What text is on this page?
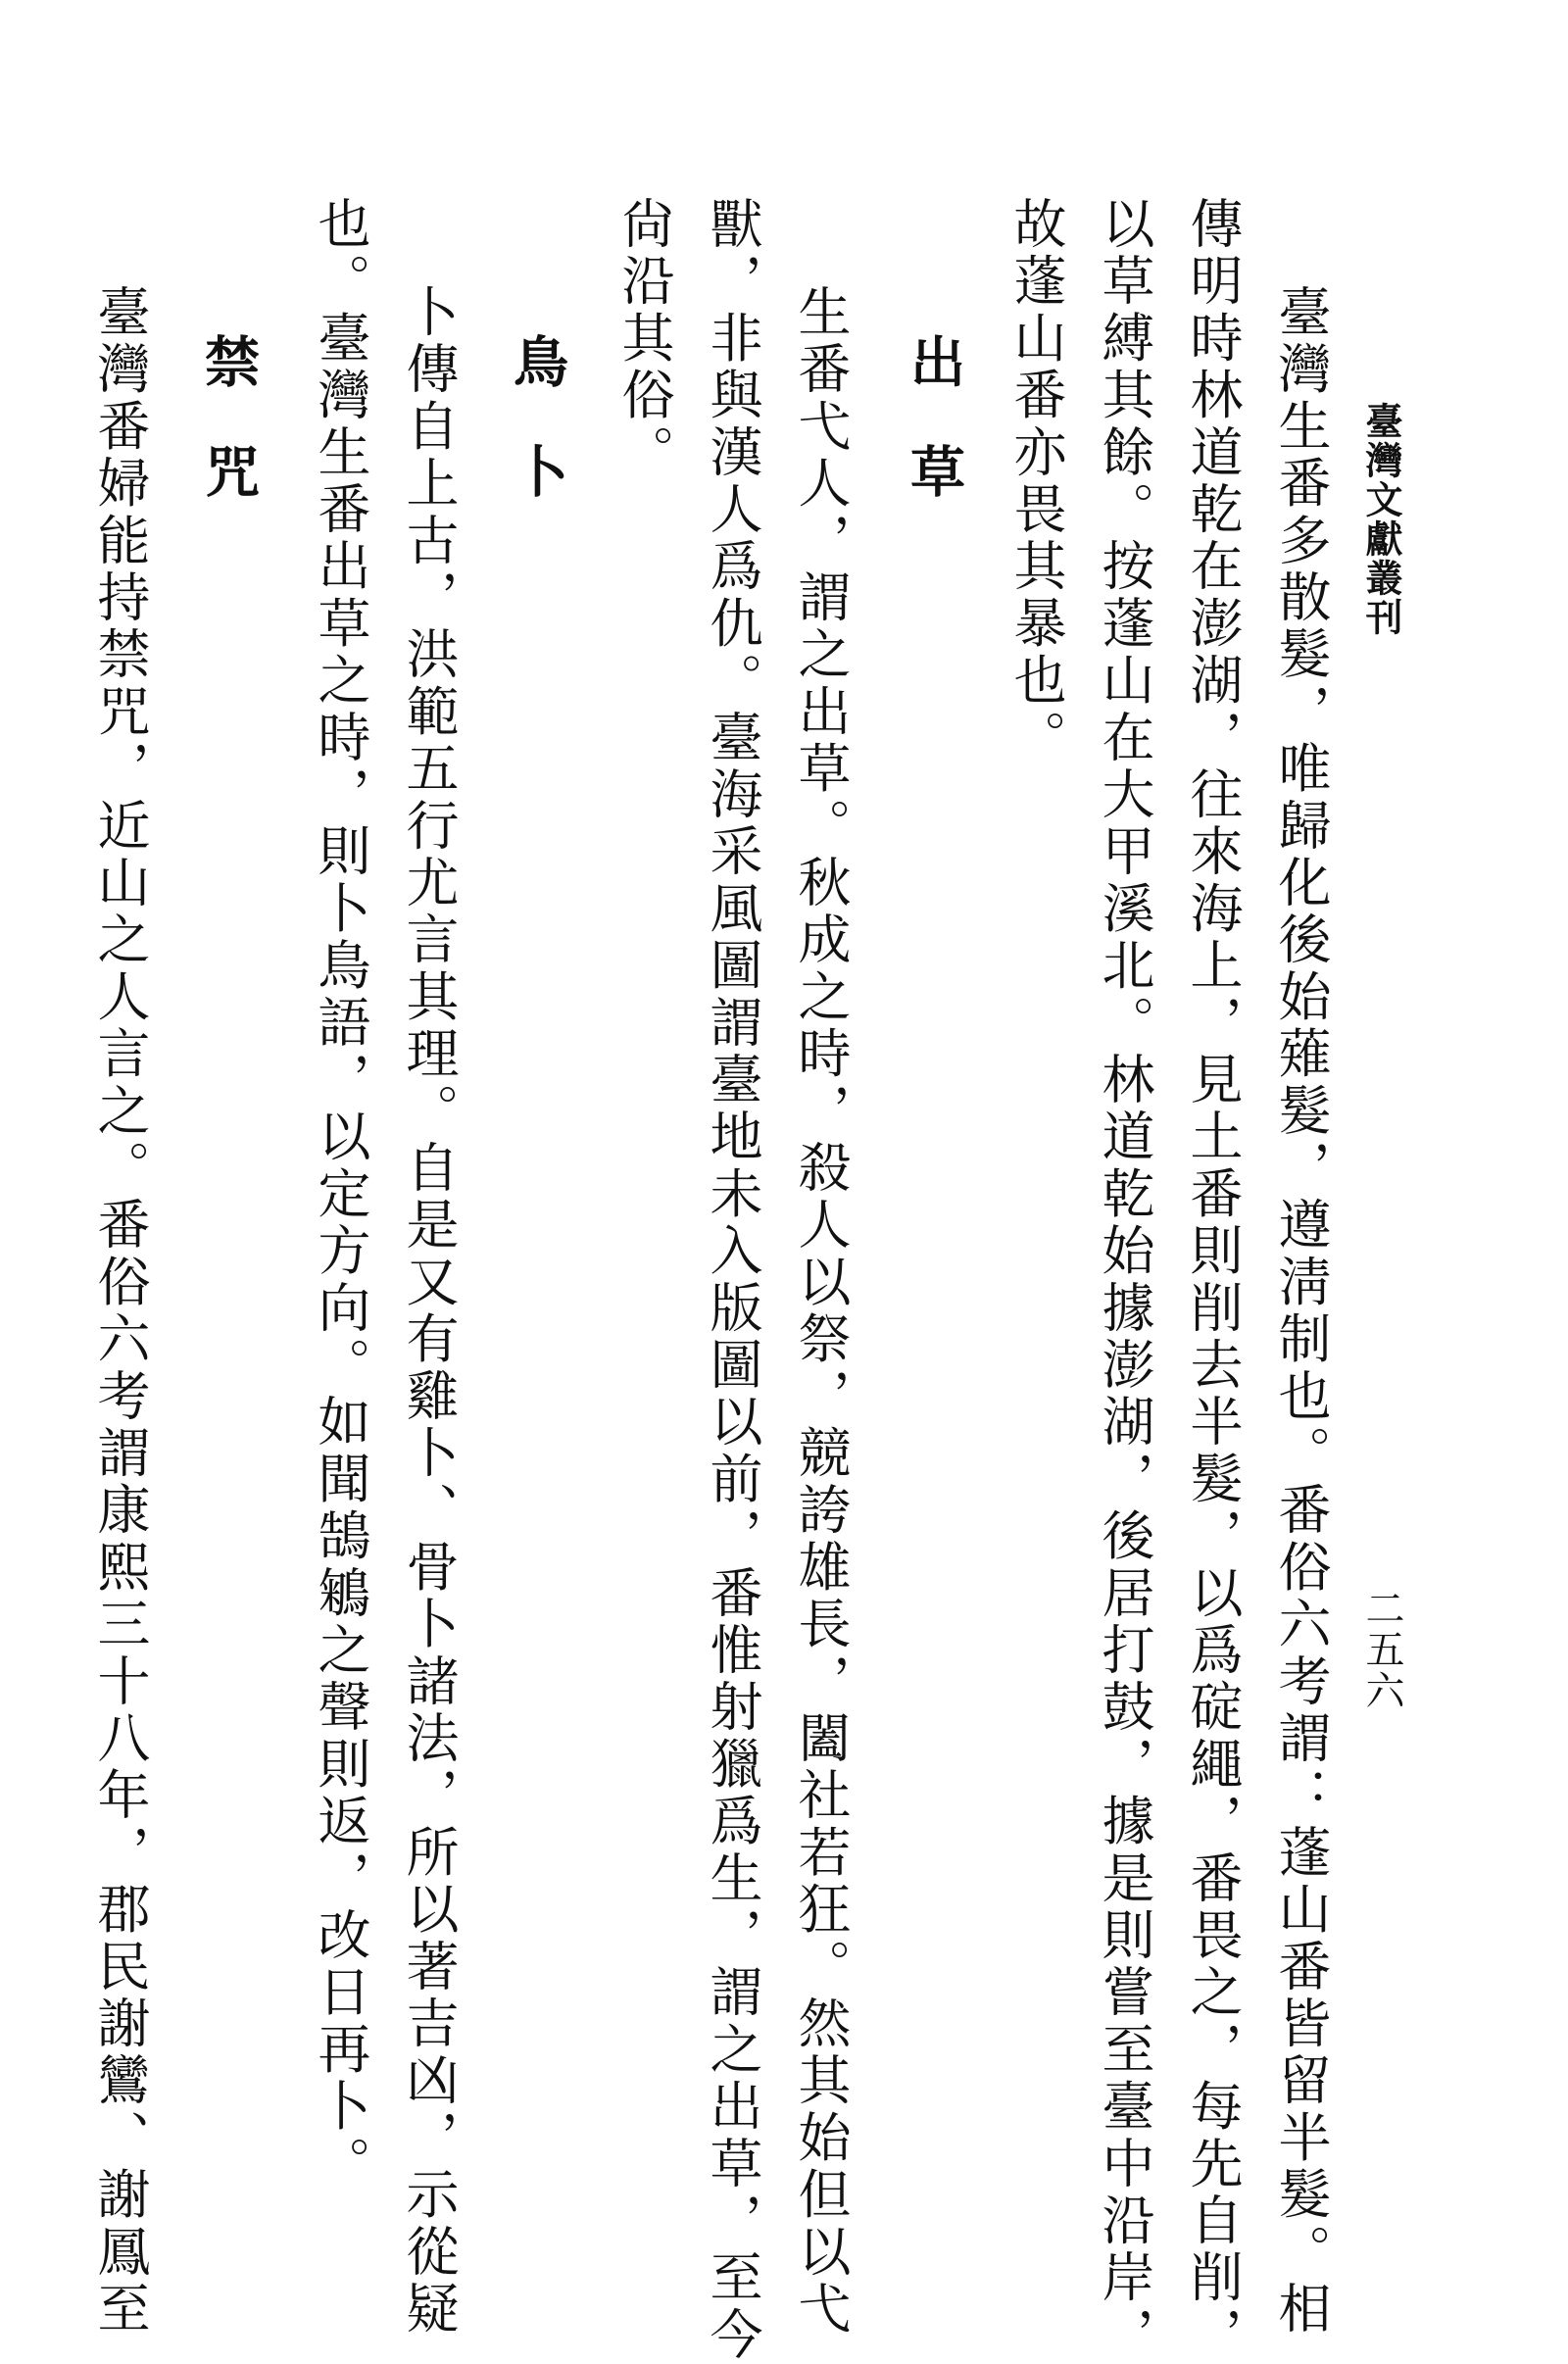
臺灣文獻叢刊
二五六
臺灣生番多散髮，唯歸化後始薙髮，遵淸制也。番俗六考謂：蓬山番皆留半髮。相
傳明時林道乾在澎湖，往來海上，見土番則削去半髮，以爲碇繩，番畏之，每先自削，
以草縛其餘。按蓬山在大甲溪北。林道乾始據澎湖，後居打鼓，據是則嘗至臺中沿岸，
故蓬山番亦畏其暴也。
出　草
生番弋人，謂之出草。秋成之時，殺人以祭，競誇雄長，闔社若狂。然其始但以弋
獸，非與漢人爲仇。臺海采風圖謂臺地未入版圖以前，番惟射獵爲生，謂之出草，至今
尙沿其俗。
鳥　卜
卜傳自上古，洪範五行尤言其理。自是又有雞卜、骨卜諸法，所以著吉凶，示從疑
也。臺灣生番出草之時，則卜鳥語，以定方向。如聞鵠鵴之聲則返，改日再卜。
禁　咒
臺灣番婦能持禁咒，近山之人言之。番俗六考謂康熙三十八年，郡民謝鸞、謝鳳至
